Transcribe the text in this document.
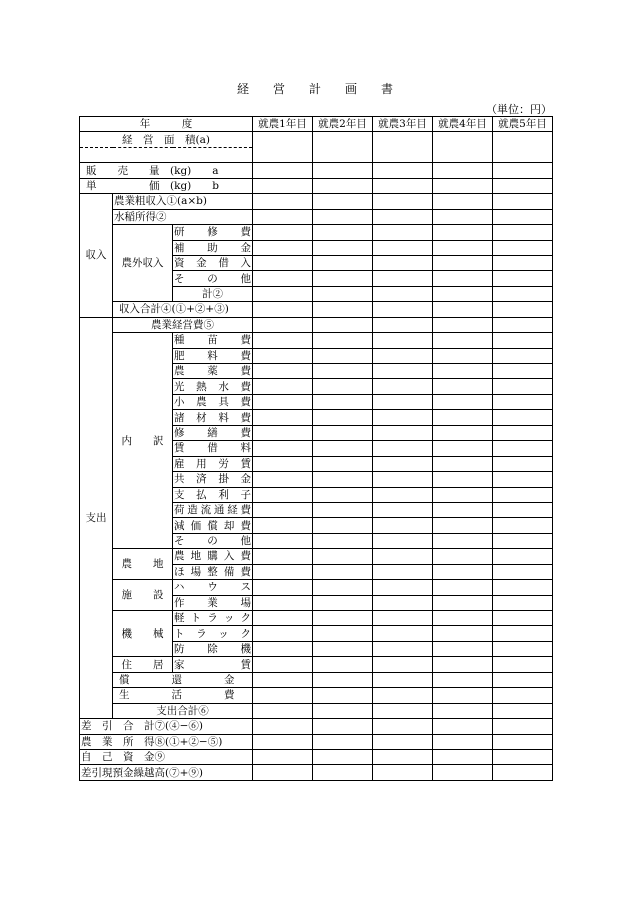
経営計画書
（単位：円）
年　　　度			就農1年目	就農2年目	就農3年目	就農4年目	就農5年目
経　営　面　積(a)							

販　　売　　量　(kg)　　a							
単　　　　　価　(kg)　　b							
収入	農業粗収入①(a×b)						
	水稲所得②						
	農外収入	研修費					
		補助金					
		資金借入					
		その他					
		計②					
	収入合計④(①+②+③)						
支出	農業経営費⑤						
	内　　訳	種苗費					
		肥料費					
		農薬費					
		光熱水費					
		小農具費					
		諸材料費					
		修繕費					
		賃借料					
		雇用労賃					
		共済掛金					
		支払利子					
		荷造流通経費					
		減価償却費					
		その他					
	農　　地	農地購入費					
		ほ場整備費					
	施　　設	ハウス					
		作業場					
	機　　械	軽トラック					
		トラック					
		防除機					
	住　　居	家賃					
	償　　　　還　　　　金						
	生　　　　活　　　　費						
	支出合計⑥						
差　引　合　計⑦(④−⑥)							
農　業　所　得⑧(①+②−⑤)							
自　己　資　金⑨							
差引現預金繰越高(⑦+⑨)							
